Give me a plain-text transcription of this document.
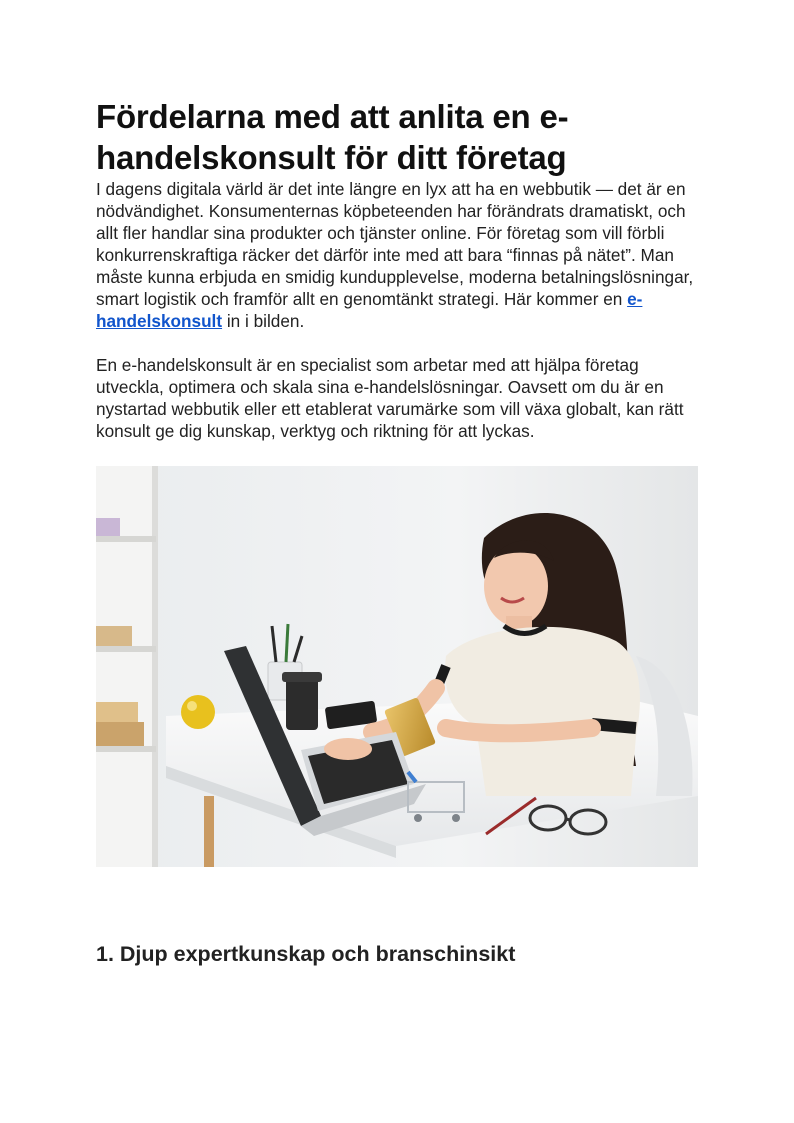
Fördelarna med att anlita en e-handelskonsult för ditt företag

I dagens digitala värld är det inte längre en lyx att ha en webbutik — det är en nödvändighet. Konsumenternas köpbeteenden har förändrats dramatiskt, och allt fler handlar sina produkter och tjänster online. För företag som vill förbli konkurrenskraftiga räcker det därför inte med att bara “finnas på nätet”. Man måste kunna erbjuda en smidig kundupplevelse, moderna betalningslösningar, smart logistik och framför allt en genomtänkt strategi. Här kommer en e-handelskonsult in i bilden.

En e-handelskonsult är en specialist som arbetar med att hjälpa företag utveckla, optimera och skala sina e-handelslösningar. Oavsett om du är en nystartad webbutik eller ett etablerat varumärke som vill växa globalt, kan rätt konsult ge dig kunskap, verktyg och riktning för att lyckas.

1. Djup expertkunskap och branschinsikt
